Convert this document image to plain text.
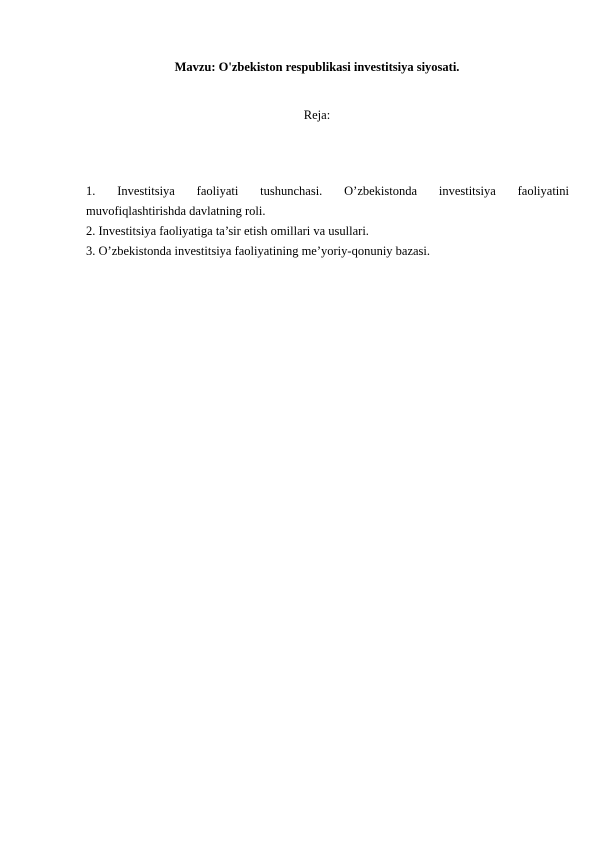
Mavzu: O'zbekiston respublikasi investitsiya siyosati.
Reja:
1. Investitsiya faoliyati tushunchasi. O’zbekistonda investitsiya faoliyatini
muvofiqlashtirishda davlatning roli.
2. Investitsiya faoliyatiga ta’sir etish omillari va usullari.
3. O’zbekistonda investitsiya faoliyatining me’yoriy-qonuniy bazasi.
